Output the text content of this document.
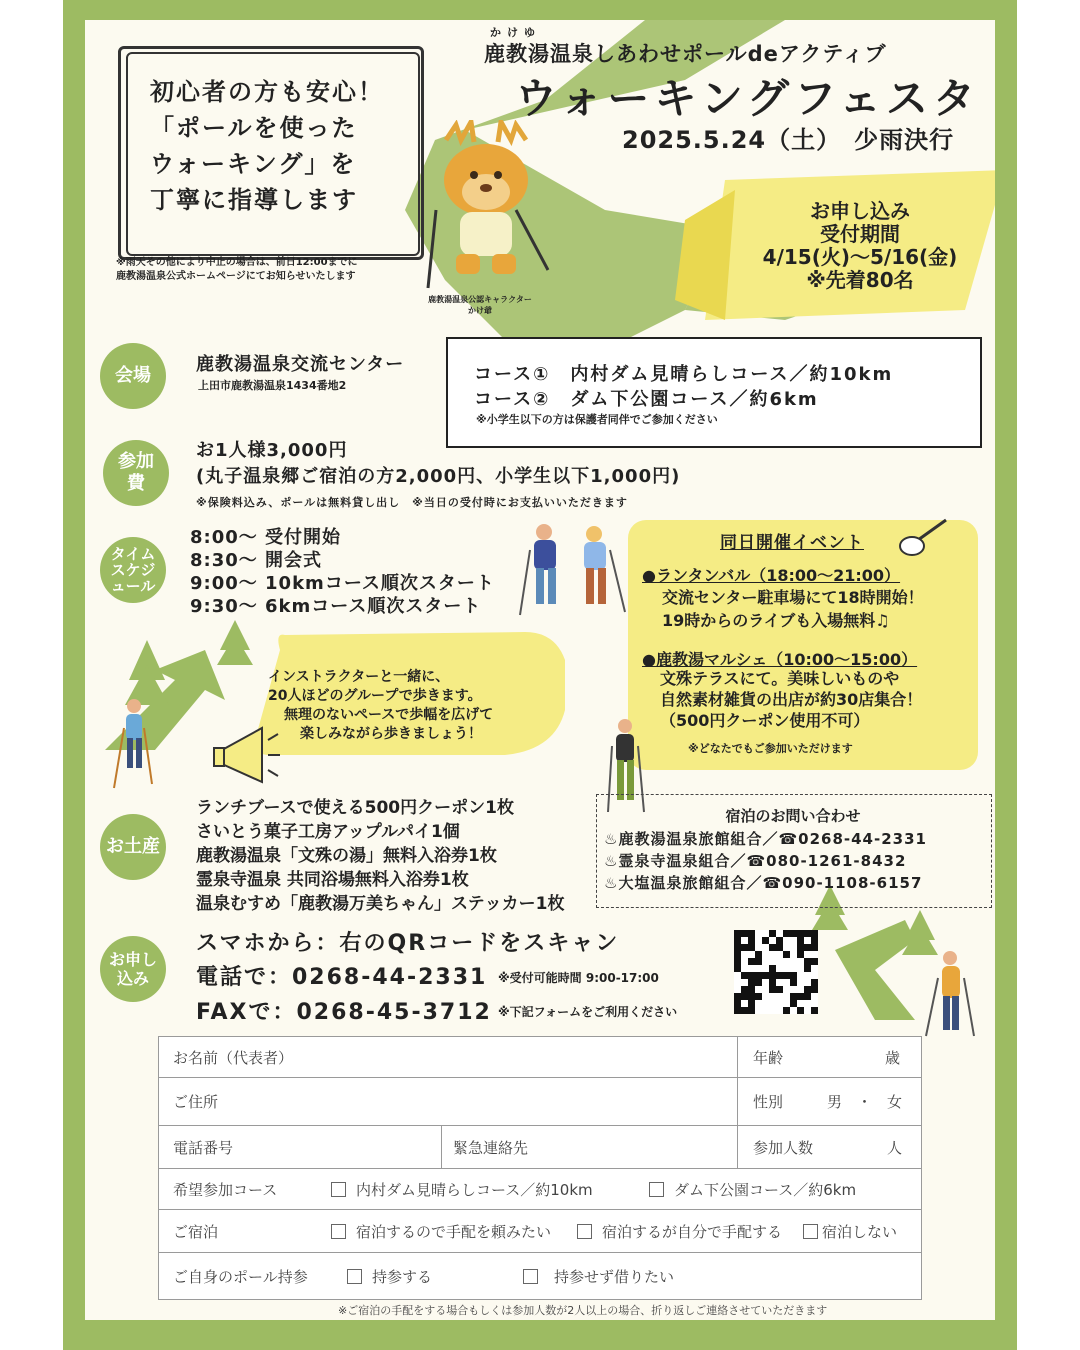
初心者の方も安心！
「ポールを使った
ウォーキング」を
丁寧に指導します
※雨天その他により中止の場合は、前日12:00までに
鹿教湯温泉公式ホームページにてお知らせいたします
かけゆ
鹿教湯温泉しあわせポールdeアクティブ
ウォーキングフェスタ
2025.5.24（土）　少雨決行
鹿教湯温泉公認キャラクター
かけ爺
お申し込み
受付期間
4/15(火)～5/16(金)
※先着80名
会場
鹿教湯温泉交流センター
上田市鹿教湯温泉1434番地2
コース①　内村ダム見晴らしコース／約10km
コース②　ダム下公園コース／約6km
※小学生以下の方は保護者同伴でご参加ください
参加
費
お1人様3,000円
(丸子温泉郷ご宿泊の方2,000円、小学生以下1,000円)
※保険料込み、ポールは無料貸し出し　※当日の受付時にお支払いいただきます
タイム
スケジ
ュール
8:00～ 受付開始
8:30～ 開会式
9:00～ 10kmコース順次スタート
9:30～ 6kmコース順次スタート
インストラクターと一緒に、
20人ほどのグループで歩きます。
無理のないペースで歩幅を広げて
楽しみながら歩きましょう！
同日開催イベント
●ランタンバル（18:00～21:00）
交流センター駐車場にて18時開始！
19時からのライブも入場無料♫
●鹿教湯マルシェ（10:00～15:00）
文殊テラスにて。美味しいものや
自然素材雑貨の出店が約30店集合！
（500円クーポン使用不可）
※どなたでもご参加いただけます
お土産
ランチブースで使える500円クーポン1枚
さいとう菓子工房アップルパイ1個
鹿教湯温泉「文殊の湯」無料入浴券1枚
霊泉寺温泉 共同浴場無料入浴券1枚
温泉むすめ「鹿教湯万美ちゃん」ステッカー1枚
宿泊のお問い合わせ
♨鹿教湯温泉旅館組合／☎0268-44-2331
♨霊泉寺温泉組合／☎080-1261-8432
♨大塩温泉旅館組合／☎090-1108-6157
お申し
込み
スマホから：右のQRコードをスキャン
電話で：0268-44-2331 ※受付可能時間 9:00-17:00
FAXで：0268-45-3712 ※下記フォームをご利用ください
お名前（代表者）	年齢	歳
ご住所	性別	男　・　女
電話番号	緊急連絡先	参加人数	人
希望参加コース	内村ダム見晴らしコース／約10km	ダム下公園コース／約6km
ご宿泊	宿泊するので手配を頼みたい	宿泊するが自分で手配する	宿泊しない
ご自身のポール持参	持参する	持参せず借りたい
※ご宿泊の手配をする場合もしくは参加人数が2人以上の場合、折り返しご連絡させていただきます
